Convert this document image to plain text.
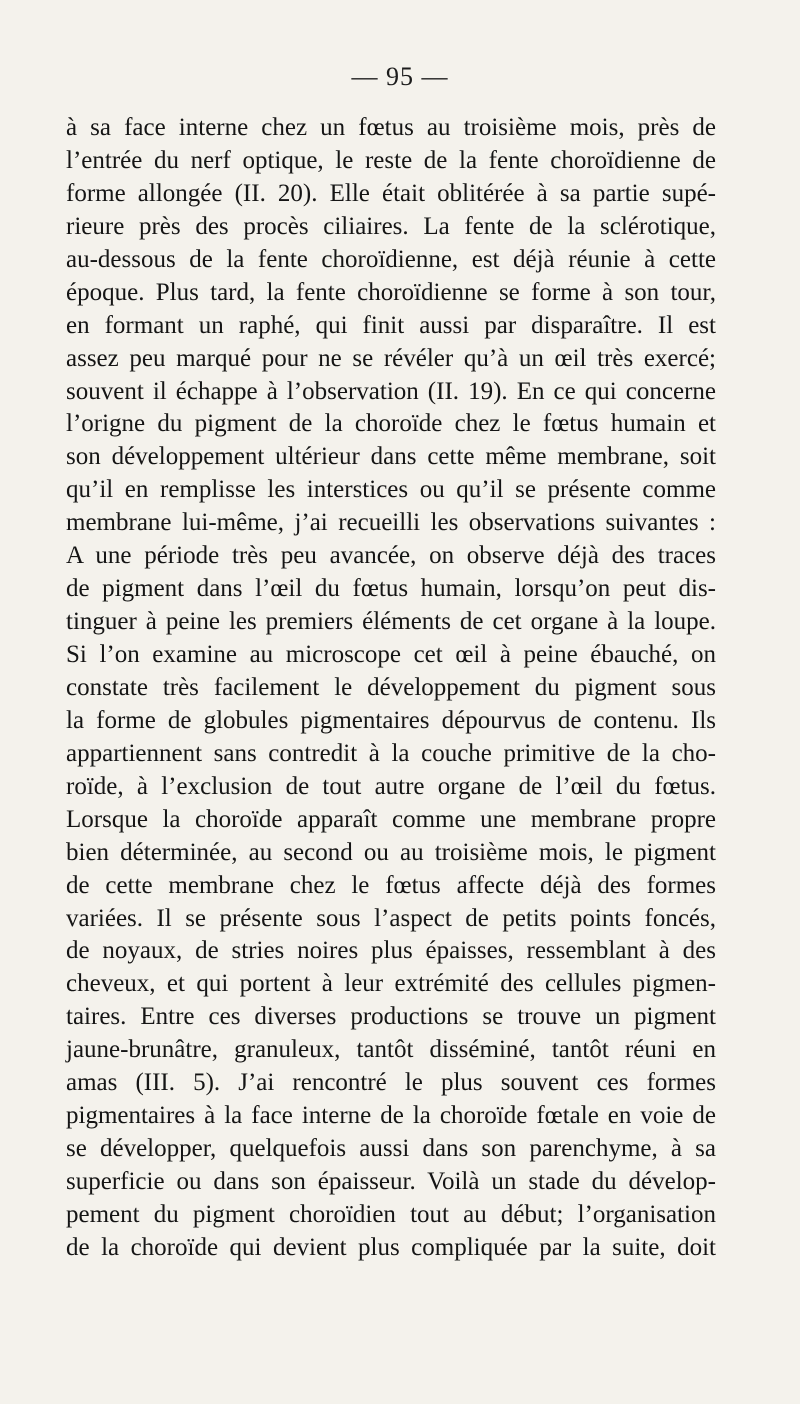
— 95 —
à sa face interne chez un fœtus au troisième mois, près de
l’entrée du nerf optique, le reste de la fente choroïdienne de
forme allongée (II. 20). Elle était oblitérée à sa partie supé-
rieure près des procès ciliaires. La fente de la sclérotique,
au-dessous de la fente choroïdienne, est déjà réunie à cette
époque. Plus tard, la fente choroïdienne se forme à son tour,
en formant un raphé, qui finit aussi par disparaître. Il est
assez peu marqué pour ne se révéler qu’à un œil très exercé;
souvent il échappe à l’observation (II. 19). En ce qui concerne
l’origne du pigment de la choroïde chez le fœtus humain et
son développement ultérieur dans cette même membrane, soit
qu’il en remplisse les interstices ou qu’il se présente comme
membrane lui-même, j’ai recueilli les observations suivantes :
A une période très peu avancée, on observe déjà des traces
de pigment dans l’œil du fœtus humain, lorsqu’on peut dis-
tinguer à peine les premiers éléments de cet organe à la loupe.
Si l’on examine au microscope cet œil à peine ébauché, on
constate très facilement le développement du pigment sous
la forme de globules pigmentaires dépourvus de contenu. Ils
appartiennent sans contredit à la couche primitive de la cho-
roïde, à l’exclusion de tout autre organe de l’œil du fœtus.
Lorsque la choroïde apparaît comme une membrane propre
bien déterminée, au second ou au troisième mois, le pigment
de cette membrane chez le fœtus affecte déjà des formes
variées. Il se présente sous l’aspect de petits points foncés,
de noyaux, de stries noires plus épaisses, ressemblant à des
cheveux, et qui portent à leur extrémité des cellules pigmen-
taires. Entre ces diverses productions se trouve un pigment
jaune-brunâtre, granuleux, tantôt disséminé, tantôt réuni en
amas (III. 5). J’ai rencontré le plus souvent ces formes
pigmentaires à la face interne de la choroïde fœtale en voie de
se développer, quelquefois aussi dans son parenchyme, à sa
superficie ou dans son épaisseur. Voilà un stade du dévelop-
pement du pigment choroïdien tout au début; l’organisation
de la choroïde qui devient plus compliquée par la suite, doit
